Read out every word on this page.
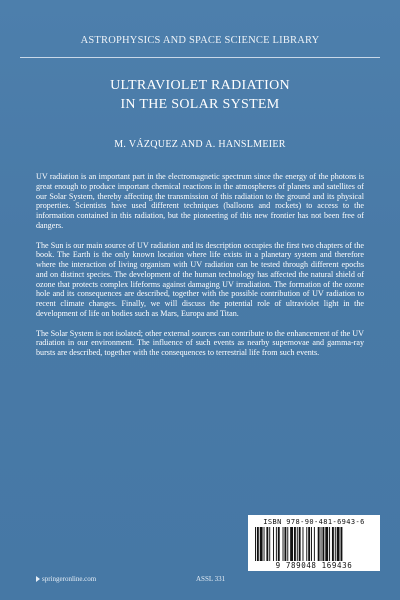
ASTROPHYSICS AND SPACE SCIENCE LIBRARY
ULTRAVIOLET RADIATION
IN THE SOLAR SYSTEM
M. VÁZQUEZ AND A. HANSLMEIER

UV radiation is an important part in the electromagnetic spectrum since the energy of the photons is great enough to produce important chemical reactions in the atmospheres of planets and satellites of our Solar System, thereby affecting the transmission of this radiation to the ground and its physical properties. Scientists have used different techniques (balloons and rockets) to access to the information contained in this radiation, but the pioneering of this new frontier has not been free of dangers.

The Sun is our main source of UV radiation and its description occupies the first two chapters of the book. The Earth is the only known location where life exists in a planetary system and therefore where the interaction of living organism with UV radiation can be tested through different epochs and on distinct species. The development of the human technology has affected the natural shield of ozone that protects complex lifeforms against damaging UV irradiation. The formation of the ozone hole and its consequences are described, together with the possible contribution of UV radiation to recent climate changes. Finally, we will discuss the potential role of ultraviolet light in the development of life on bodies such as Mars, Europa and Titan.

The Solar System is not isolated; other external sources can contribute to the enhancement of the UV radiation in our environment. The influence of such events as nearby supernovae and gamma-ray bursts are described, together with the consequences to terrestrial life from such events.

ISBN 978-90-481-6943-6
9 789048 169436
springeronline.com	ASSL 331
